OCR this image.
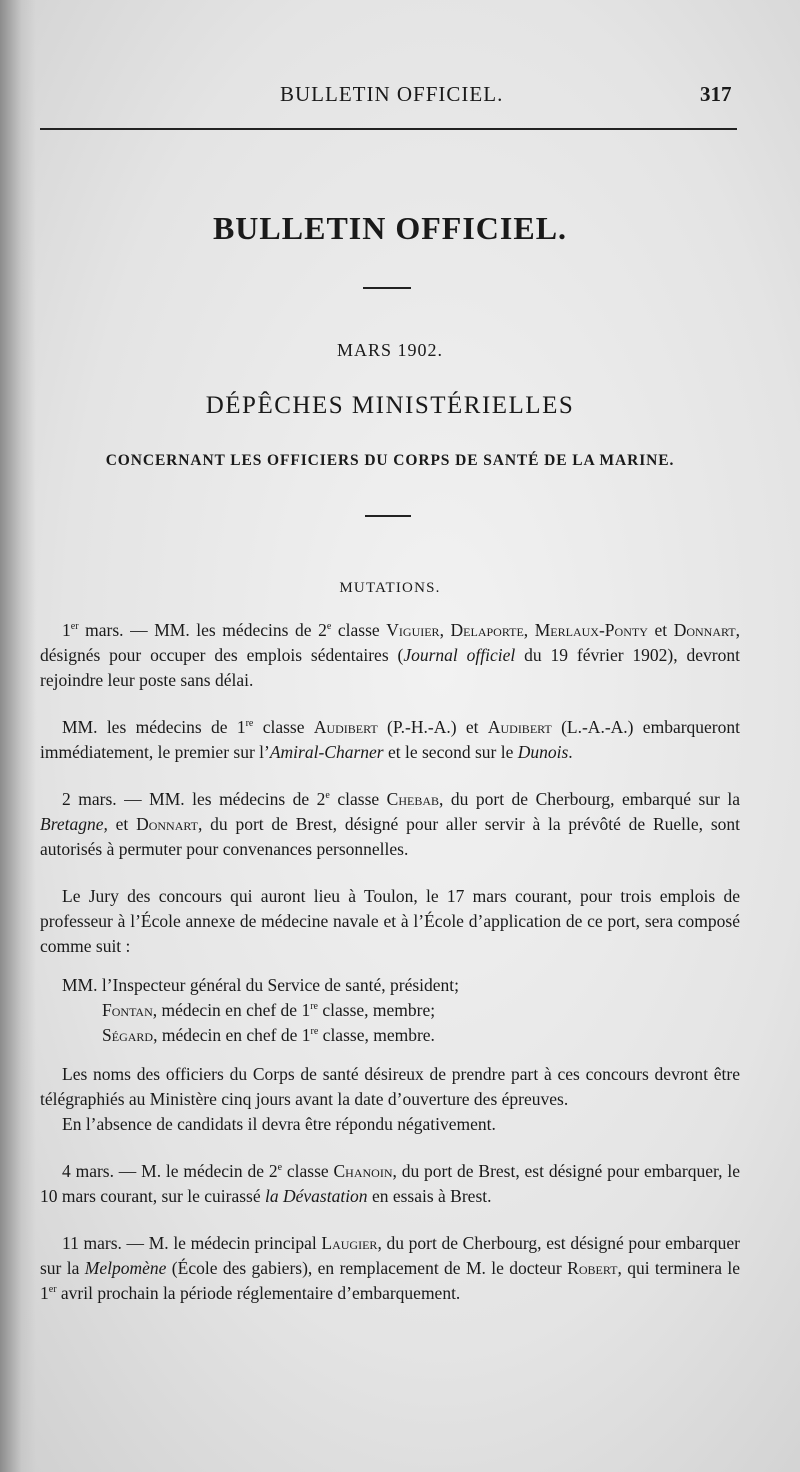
BULLETIN OFFICIEL.	317
BULLETIN OFFICIEL.
MARS 1902.
DÉPÊCHES MINISTÉRIELLES
CONCERNANT LES OFFICIERS DU CORPS DE SANTÉ DE LA MARINE.
MUTATIONS.

1er mars. — MM. les médecins de 2e classe Viguier, Delaporte, Merlaux-Ponty et Donnart, désignés pour occuper des emplois sédentaires (Journal officiel du 19 février 1902), devront rejoindre leur poste sans délai.

MM. les médecins de 1re classe Audibert (P.-H.-A.) et Audibert (L.-A.-A.) embarqueront immédiatement, le premier sur l’Amiral-Charner et le second sur le Dunois.

2 mars. — MM. les médecins de 2e classe Chebab, du port de Cherbourg, embarqué sur la Bretagne, et Donnart, du port de Brest, désigné pour aller servir à la prévôté de Ruelle, sont autorisés à permuter pour convenances personnelles.

Le Jury des concours qui auront lieu à Toulon, le 17 mars courant, pour trois emplois de professeur à l’École annexe de médecine navale et à l’École d’application de ce port, sera composé comme suit :

MM. l’Inspecteur général du Service de santé, président;
Fontan, médecin en chef de 1re classe, membre;
Ségard, médecin en chef de 1re classe, membre.

Les noms des officiers du Corps de santé désireux de prendre part à ces concours devront être télégraphiés au Ministère cinq jours avant la date d’ouverture des épreuves.

En l’absence de candidats il devra être répondu négativement.

4 mars. — M. le médecin de 2e classe Chanoin, du port de Brest, est désigné pour embarquer, le 10 mars courant, sur le cuirassé la Dévastation en essais à Brest.

11 mars. — M. le médecin principal Laugier, du port de Cherbourg, est désigné pour embarquer sur la Melpomène (École des gabiers), en remplacement de M. le docteur Robert, qui terminera le 1er avril prochain la période réglementaire d’embarquement.
